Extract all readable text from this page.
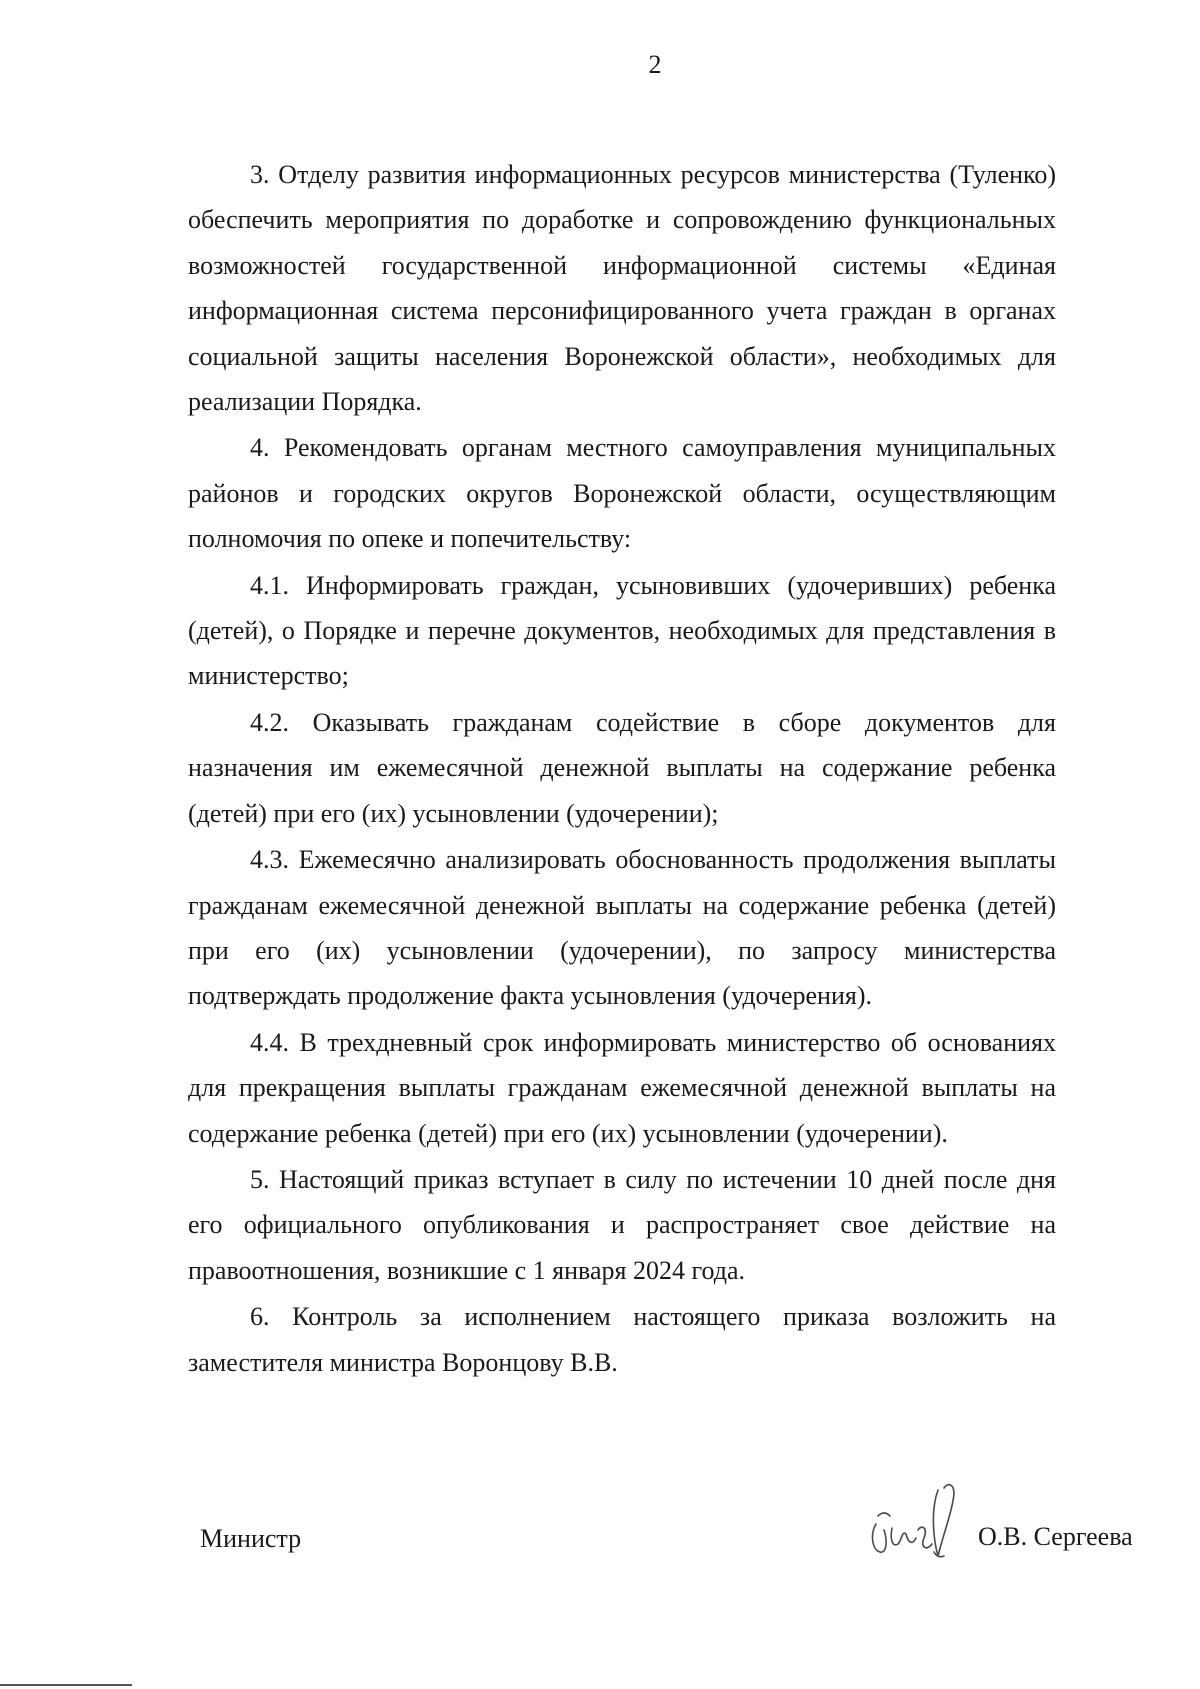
2

3. Отделу развития информационных ресурсов министерства (Туленко) обеспечить мероприятия по доработке и сопровождению функциональных возможностей государственной информационной системы «Единая информационная система персонифицированного учета граждан в органах социальной защиты населения Воронежской области», необходимых для реализации Порядка.

4. Рекомендовать органам местного самоуправления муниципальных районов и городских округов Воронежской области, осуществляющим полномочия по опеке и попечительству:

4.1. Информировать граждан, усыновивших (удочеривших) ребенка (детей), о Порядке и перечне документов, необходимых для представления в министерство;

4.2. Оказывать гражданам содействие в сборе документов для назначения им ежемесячной денежной выплаты на содержание ребенка (детей) при его (их) усыновлении (удочерении);

4.3. Ежемесячно анализировать обоснованность продолжения выплаты гражданам ежемесячной денежной выплаты на содержание ребенка (детей) при его (их) усыновлении (удочерении), по запросу министерства подтверждать продолжение факта усыновления (удочерения).

4.4. В трехдневный срок информировать министерство об основаниях для прекращения выплаты гражданам ежемесячной денежной выплаты на содержание ребенка (детей) при его (их) усыновлении (удочерении).

5. Настоящий приказ вступает в силу по истечении 10 дней после дня его официального опубликования и распространяет свое действие на правоотношения, возникшие с 1 января 2024 года.

6. Контроль за исполнением настоящего приказа возложить на заместителя министра Воронцову В.В.

Министр	О.В. Сергеева
